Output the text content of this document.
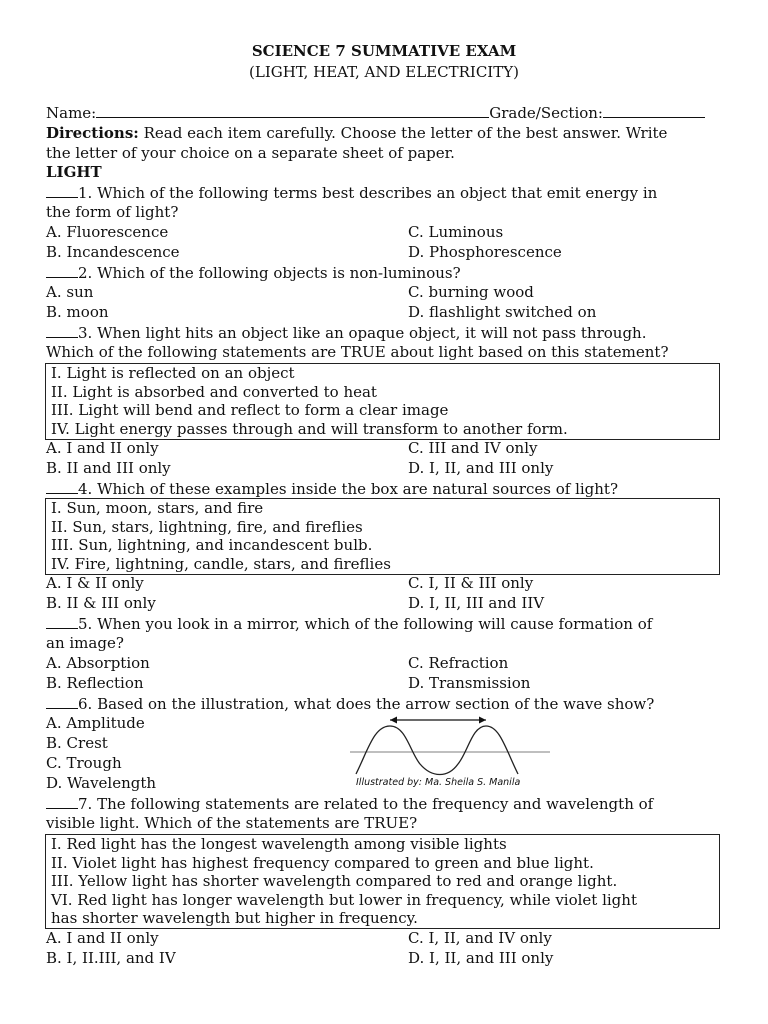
SCIENCE 7 SUMMATIVE EXAM
(LIGHT, HEAT, AND ELECTRICITY)
Name:	Grade/Section:
Directions: Read each item carefully. Choose the letter of the best answer. Write
the letter of your choice on a separate sheet of paper.
LIGHT
1. Which of the following terms best describes an object that emit energy in
the form of light?
A. Fluorescence	C. Luminous
B. Incandescence	D. Phosphorescence
2. Which of the following objects is non-luminous?
A. sun	C. burning wood
B. moon	D. flashlight switched on
3. When light hits an object like an opaque object, it will not pass through.
Which of the following statements are TRUE about light based on this statement?
I. Light is reflected on an object
II. Light is absorbed and converted to heat
III. Light will bend and reflect to form a clear image
IV. Light energy passes through and will transform to another form.
A. I and II only	C. III and IV only
B. II and III only	D. I, II, and III only
4. Which of these examples inside the box are natural sources of light?
I. Sun, moon, stars, and fire
II. Sun, stars, lightning, fire, and fireflies
III. Sun, lightning, and incandescent bulb.
IV. Fire, lightning, candle, stars, and fireflies
A. I & II only	C. I, II & III only
B. II & III only	D. I, II, III and IIV
5. When you look in a mirror, which of the following will cause formation of
an image?
A. Absorption	C. Refraction
B. Reflection	D. Transmission
6. Based on the illustration, what does the arrow section of the wave show?
A. Amplitude
B. Crest
C. Trough
D. Wavelength	Illustrated by: Ma. Sheila S. Manila
7. The following statements are related to the frequency and wavelength of
visible light. Which of the statements are TRUE?
I. Red light has the longest wavelength among visible lights
II. Violet light has highest frequency compared to green and blue light.
III. Yellow light has shorter wavelength compared to red and orange light.
VI. Red light has longer wavelength but lower in frequency, while violet light
has shorter wavelength but higher in frequency.
A. I and II only	C. I, II, and IV only
B. I, II.III, and IV	D. I, II, and III only
